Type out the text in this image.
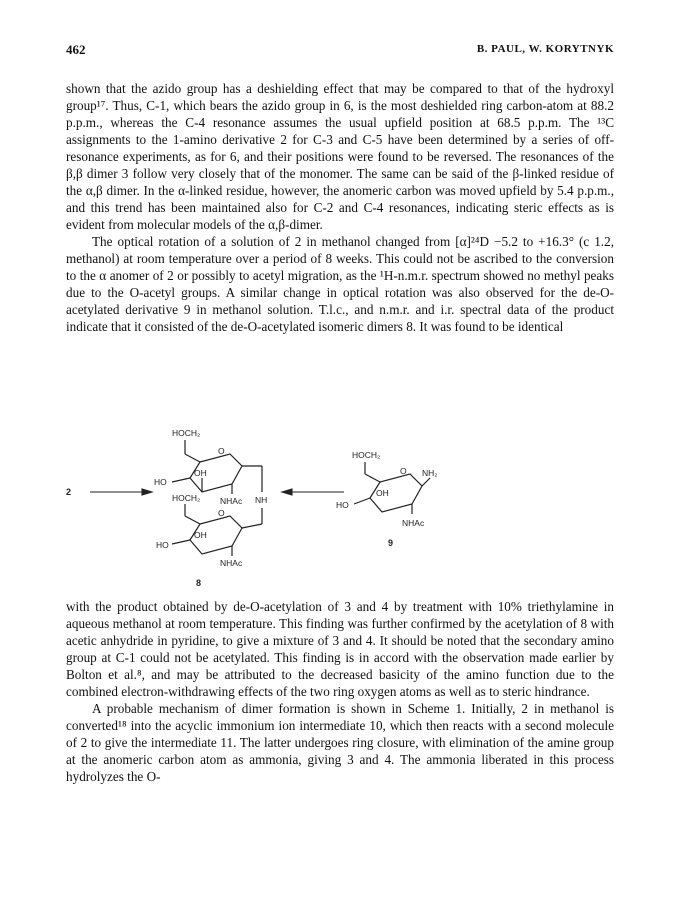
462	B. PAUL, W. KORYTNYK

shown that the azido group has a deshielding effect that may be compared to that of the hydroxyl group¹⁷. Thus, C-1, which bears the azido group in 6, is the most deshielded ring carbon-atom at 88.2 p.p.m., whereas the C-4 resonance assumes the usual upfield position at 68.5 p.p.m. The ¹³C assignments to the 1-amino derivative 2 for C-3 and C-5 have been determined by a series of off-resonance experiments, as for 6, and their positions were found to be reversed. The resonances of the β,β dimer 3 follow very closely that of the monomer. The same can be said of the β-linked residue of the α,β dimer. In the α-linked residue, however, the anomeric carbon was moved upfield by 5.4 p.p.m., and this trend has been maintained also for C-2 and C-4 resonances, indicating steric effects as is evident from molecular models of the α,β-dimer.

The optical rotation of a solution of 2 in methanol changed from [α]²⁴D −5.2 to +16.3° (c 1.2, methanol) at room temperature over a period of 8 weeks. This could not be ascribed to the conversion to the α anomer of 2 or possibly to acetyl migration, as the ¹H-n.m.r. spectrum showed no methyl peaks due to the O-acetyl groups. A similar change in optical rotation was also observed for the de-O-acetylated derivative 9 in methanol solution. T.l.c., and n.m.r. and i.r. spectral data of the product indicate that it consisted of the de-O-acetylated isomeric dimers 8. It was found to be identical

2
HOCH₂
O
OH
HO
NHAc NH
HOCH₂
O
OH
HO
NHAc
8
HOCH₂
O NH₂
OH
HO
NHAc
9

with the product obtained by de-O-acetylation of 3 and 4 by treatment with 10% triethylamine in aqueous methanol at room temperature. This finding was further confirmed by the acetylation of 8 with acetic anhydride in pyridine, to give a mixture of 3 and 4. It should be noted that the secondary amino group at C-1 could not be acetylated. This finding is in accord with the observation made earlier by Bolton et al.⁸, and may be attributed to the decreased basicity of the amino function due to the combined electron-withdrawing effects of the two ring oxygen atoms as well as to steric hindrance.

A probable mechanism of dimer formation is shown in Scheme 1. Initially, 2 in methanol is converted¹⁸ into the acyclic immonium ion intermediate 10, which then reacts with a second molecule of 2 to give the intermediate 11. The latter undergoes ring closure, with elimination of the amine group at the anomeric carbon atom as ammonia, giving 3 and 4. The ammonia liberated in this process hydrolyzes the O-
